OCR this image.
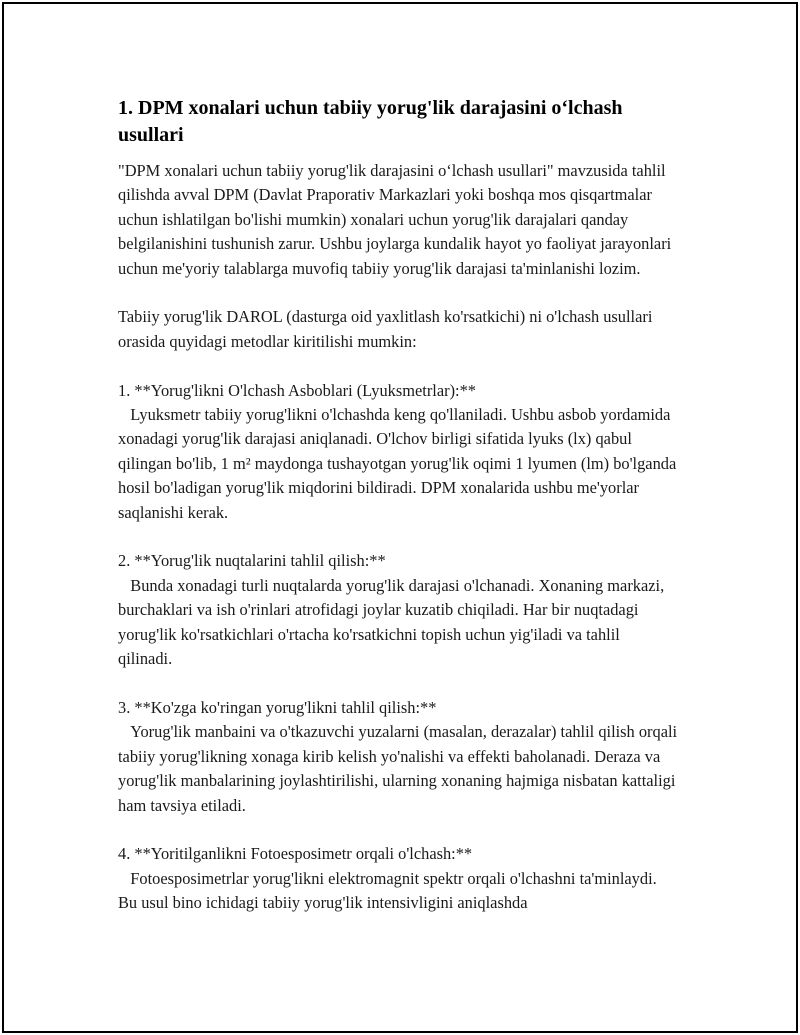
1. DPM xonalari uchun tabiiy yorug'lik darajasini o‘lchash usullari

"DPM xonalari uchun tabiiy yorug'lik darajasini o‘lchash usullari" mavzusida tahlil qilishda avval DPM (Davlat Praporativ Markazlari yoki boshqa mos qisqartmalar uchun ishlatilgan bo'lishi mumkin) xonalari uchun yorug'lik darajalari qanday belgilanishini tushunish zarur. Ushbu joylarga kundalik hayot yo faoliyat jarayonlari uchun me'yoriy talablarga muvofiq tabiiy yorug'lik darajasi ta'minlanishi lozim.

Tabiiy yorug'lik DAROL (dasturga oid yaxlitlash ko'rsatkichi) ni o'lchash usullari orasida quyidagi metodlar kiritilishi mumkin:

1. **Yorug'likni O'lchash Asboblari (Lyuksmetrlar):**
Lyuksmetr tabiiy yorug'likni o'lchashda keng qo'llaniladi. Ushbu asbob yordamida xonadagi yorug'lik darajasi aniqlanadi. O'lchov birligi sifatida lyuks (lx) qabul qilingan bo'lib, 1 m² maydonga tushayotgan yorug'lik oqimi 1 lyumen (lm) bo'lganda hosil bo'ladigan yorug'lik miqdorini bildiradi. DPM xonalarida ushbu me'yorlar saqlanishi kerak.
2. **Yorug'lik nuqtalarini tahlil qilish:**
Bunda xonadagi turli nuqtalarda yorug'lik darajasi o'lchanadi. Xonaning markazi, burchaklari va ish o'rinlari atrofidagi joylar kuzatib chiqiladi. Har bir nuqtadagi yorug'lik ko'rsatkichlari o'rtacha ko'rsatkichni topish uchun yig'iladi va tahlil qilinadi.
3. **Ko'zga ko'ringan yorug'likni tahlil qilish:**
Yorug'lik manbaini va o'tkazuvchi yuzalarni (masalan, derazalar) tahlil qilish orqali tabiiy yorug'likning xonaga kirib kelish yo'nalishi va effekti baholanadi. Deraza va yorug'lik manbalarining joylashtirilishi, ularning xonaning hajmiga nisbatan kattaligi ham tavsiya etiladi.
4. **Yoritilganlikni Fotoesposimetr orqali o'lchash:**
Fotoesposimetrlar yorug'likni elektromagnit spektr orqali o'lchashni ta'minlaydi. Bu usul bino ichidagi tabiiy yorug'lik intensivligini aniqlashda
